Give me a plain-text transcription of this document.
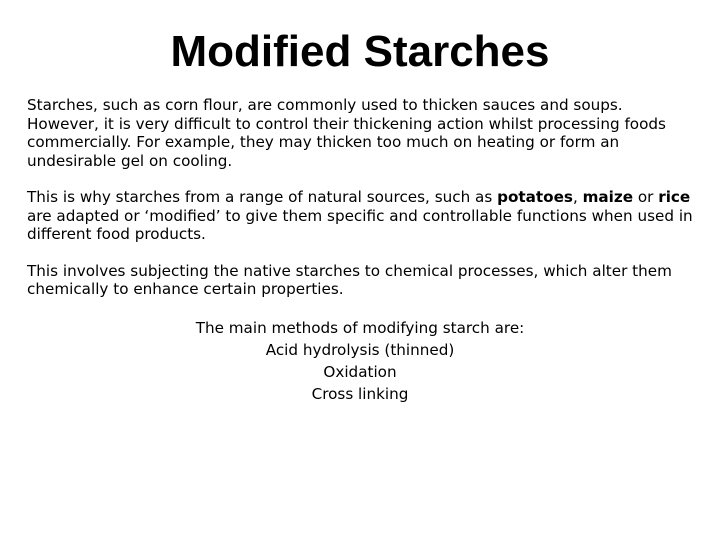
Modified Starches

Starches, such as corn flour, are commonly used to thicken sauces and soups. However, it is very difficult to control their thickening action whilst processing foods commercially. For example, they may thicken too much on heating or form an undesirable gel on cooling.

This is why starches from a range of natural sources, such as potatoes, maize or rice are adapted or ‘modified’ to give them specific and controllable functions when used in different food products.

This involves subjecting the native starches to chemical processes, which alter them chemically to enhance certain properties.

The main methods of modifying starch are:
Acid hydrolysis (thinned)
Oxidation
Cross linking
